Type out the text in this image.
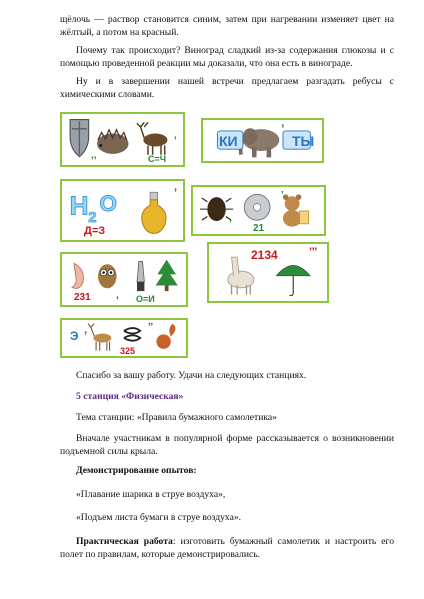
щёлочь — раствор становится синим, затем при нагревании изменяет цвет на жёлтый, а потом на красный.

Почему так происходит? Виноград сладкий из-за содержания глюкозы и с помощью проведенной реакции мы доказали, что она есть в винограде.

Ну и в завершении нашей встречи предлагаем разгадать ребусы с химическими словами.

,,	С=Ч
,	КИ
’
ТЫ
H 2
O
Д=З
’
,
21
’
231	, О=И
2134	’’’
Э ,
325
’’

Спасибо за вашу работу. Удачи на следующих станциях.

5 станция «Физическая»

Тема станции: «Правила бумажного самолетика»

Вначале участникам в популярной форме рассказывается о возникновении подъемной силы крыла.

Демонстрирование опытов:

«Плавание шарика в струе воздуха»,

«Подъем листа бумаги в струе воздуха».

Практическая работа: изготовить бумажный самолетик и настроить его полет по правилам, которые демонстрировались.
